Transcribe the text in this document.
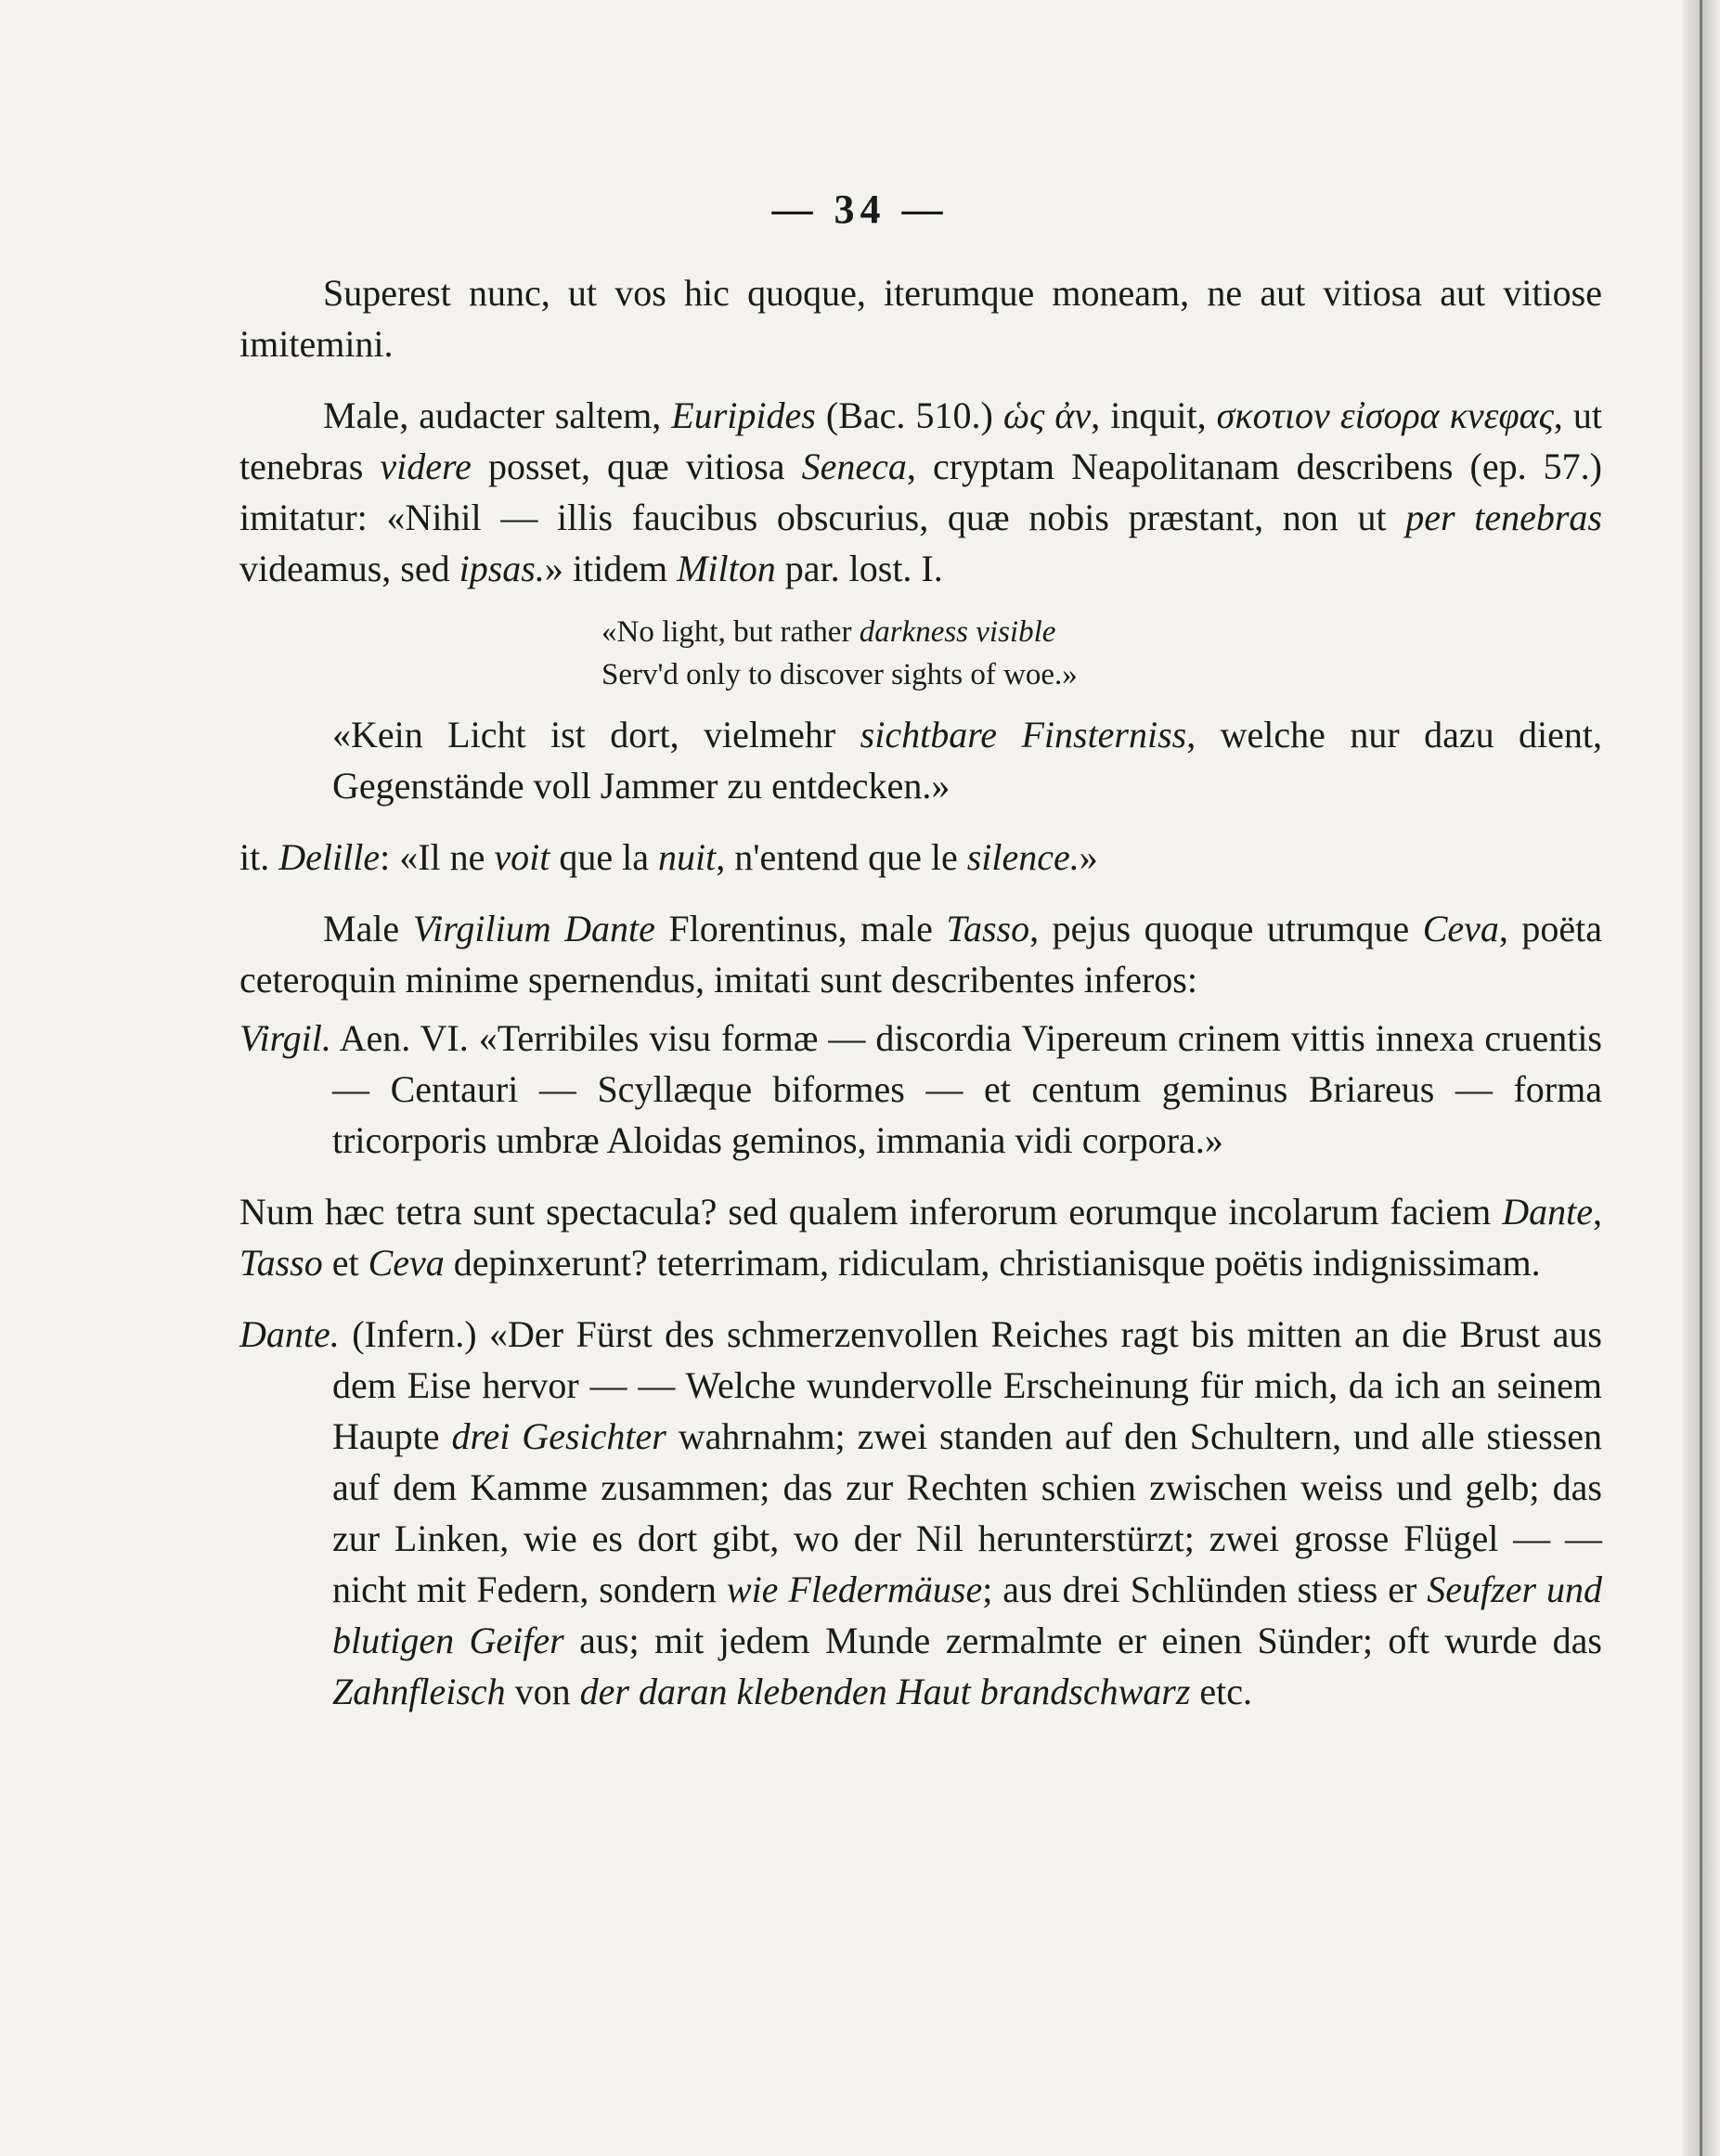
— 34 —

Superest nunc, ut vos hic quoque, iterumque moneam, ne aut vitiosa aut vitiose imitemini.

Male, audacter saltem, Euripides (Bac. 510.) ὡς ἀν, inquit, σκοτιον εἰσορα κνεφας, ut tenebras videre posset, quæ vitiosa Seneca, cryptam Neapolitanam describens (ep. 57.) imitatur: «Nihil — illis faucibus obscurius, quæ nobis præstant, non ut per tenebras videamus, sed ipsas.» itidem Milton par. lost. I.

«No light, but rather darkness visible
Serv'd only to discover sights of woe.»

«Kein Licht ist dort, vielmehr sichtbare Finsterniss, welche nur dazu dient, Gegenstände voll Jammer zu entdecken.»

it. Delille: «Il ne voit que la nuit, n'entend que le silence.»

Male Virgilium Dante Florentinus, male Tasso, pejus quoque utrumque Ceva, poëta ceteroquin minime spernendus, imitati sunt describentes inferos:

Virgil. Aen. VI. «Terribiles visu formæ — discordia Vipereum crinem vittis innexa cruentis — Centauri — Scyllæque biformes — et centum geminus Briareus — forma tricorporis umbræ Aloidas geminos, immania vidi corpora.»

Num hæc tetra sunt spectacula? sed qualem inferorum eorumque incolarum faciem Dante, Tasso et Ceva depinxerunt? teterrimam, ridiculam, christianisque poëtis indignissimam.

Dante. (Infern.) «Der Fürst des schmerzenvollen Reiches ragt bis mitten an die Brust aus dem Eise hervor — — Welche wundervolle Erscheinung für mich, da ich an seinem Haupte drei Gesichter wahrnahm; zwei standen auf den Schultern, und alle stiessen auf dem Kamme zusammen; das zur Rechten schien zwischen weiss und gelb; das zur Linken, wie es dort gibt, wo der Nil herunterstürzt; zwei grosse Flügel — — nicht mit Federn, sondern wie Fledermäuse; aus drei Schlünden stiess er Seufzer und blutigen Geifer aus; mit jedem Munde zermalmte er einen Sünder; oft wurde das Zahnfleisch von der daran klebenden Haut brandschwarz etc.
